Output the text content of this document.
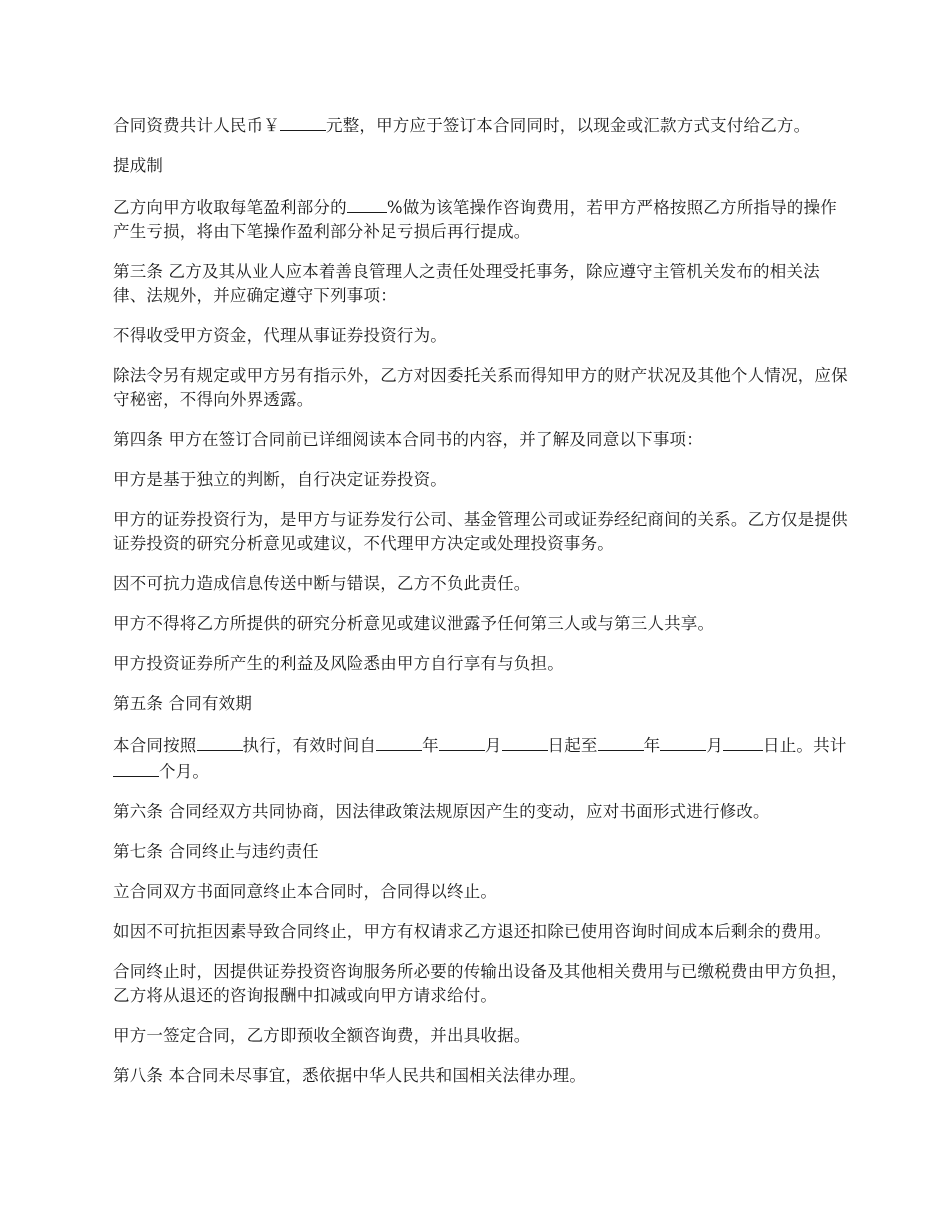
合同资费共计人民币￥	元整，甲方应于签订本合同同时，以现金或汇款方式支付给乙方。

提成制

乙方向甲方收取每笔盈利部分的 %做为该笔操作咨询费用，若甲方严格按照乙方所指导的操作产生亏损，将由下笔操作盈利部分补足亏损后再行提成。

第三条 乙方及其从业人应本着善良管理人之责任处理受托事务，除应遵守主管机关发布的相关法律、法规外，并应确定遵守下列事项：

不得收受甲方资金，代理从事证券投资行为。

除法令另有规定或甲方另有指示外，乙方对因委托关系而得知甲方的财产状况及其他个人情况，应保守秘密，不得向外界透露。

第四条 甲方在签订合同前已详细阅读本合同书的内容，并了解及同意以下事项：

甲方是基于独立的判断，自行决定证券投资。

甲方的证券投资行为，是甲方与证券发行公司、基金管理公司或证券经纪商间的关系。乙方仅是提供证券投资的研究分析意见或建议，不代理甲方决定或处理投资事务。

因不可抗力造成信息传送中断与错误，乙方不负此责任。

甲方不得将乙方所提供的研究分析意见或建议泄露予任何第三人或与第三人共享。

甲方投资证券所产生的利益及风险悉由甲方自行享有与负担。

第五条 合同有效期

本合同按照	执行，有效时间自	年	月	日起至	年	月 日止。共计个月。

第六条 合同经双方共同协商，因法律政策法规原因产生的变动，应对书面形式进行修改。

第七条 合同终止与违约责任

立合同双方书面同意终止本合同时，合同得以终止。

如因不可抗拒因素导致合同终止，甲方有权请求乙方退还扣除已使用咨询时间成本后剩余的费用。

合同终止时，因提供证券投资咨询服务所必要的传输出设备及其他相关费用与已缴税费由甲方负担，乙方将从退还的咨询报酬中扣减或向甲方请求给付。

甲方一签定合同，乙方即预收全额咨询费，并出具收据。

第八条 本合同未尽事宜，悉依据中华人民共和国相关法律办理。
